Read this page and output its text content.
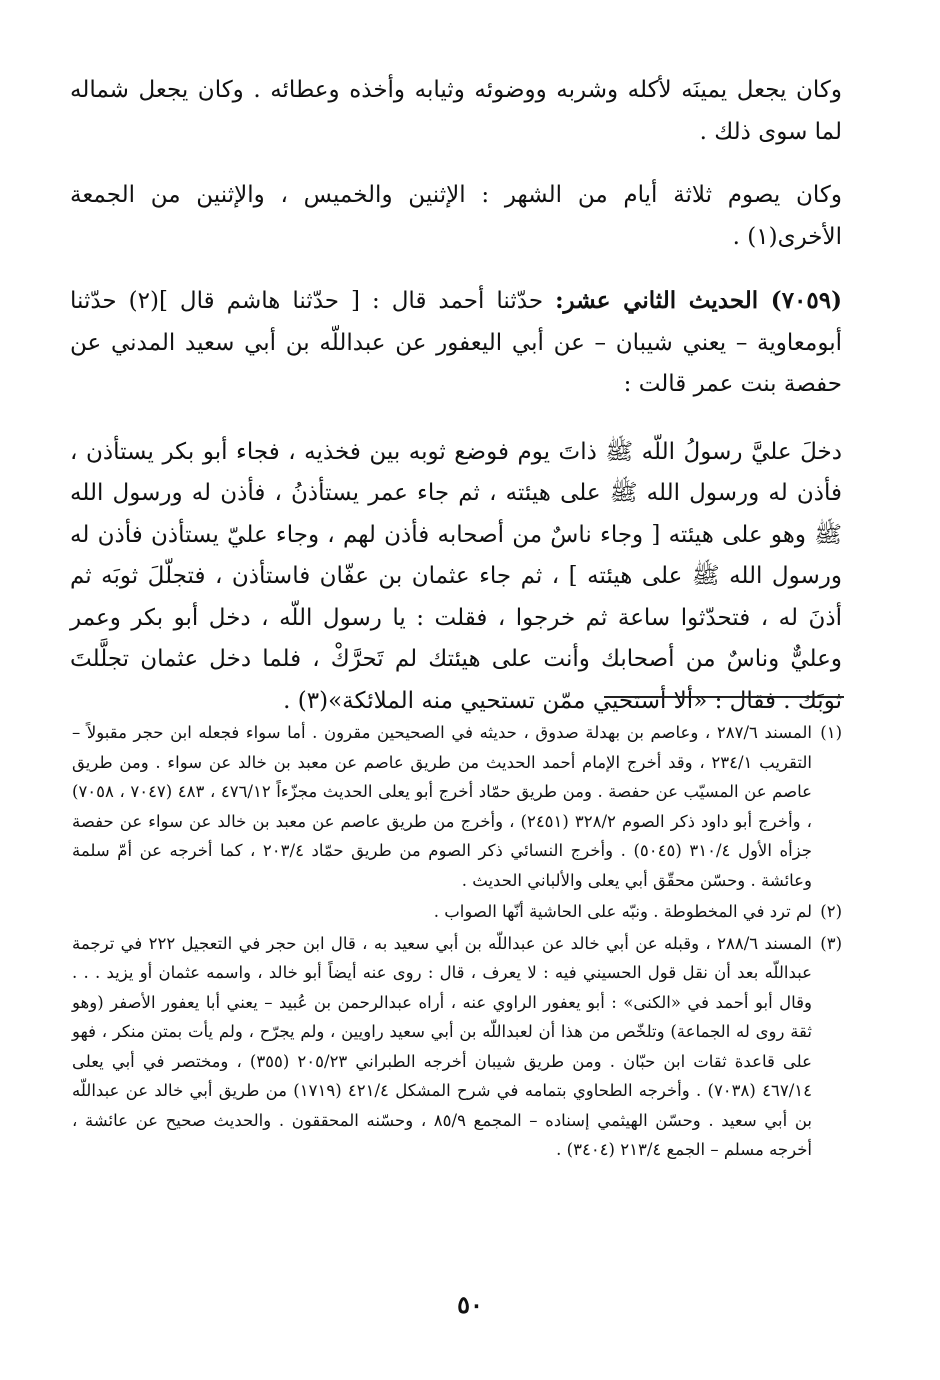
وكان يجعل يمينَه لأكله وشربه ووضوئه وثيابه وأخذه وعطائه . وكان يجعل شماله لما سوى ذلك .

وكان يصوم ثلاثة أيام من الشهر : الإثنين والخميس ، والإثنين من الجمعة الأخرى(١) .

(٧٠٥٩) الحديث الثاني عشر: حدّثنا أحمد قال : [ حدّثنا هاشم قال ](٢) حدّثنا أبومعاوية – يعني شيبان – عن أبي اليعفور عن عبداللّه بن أبي سعيد المدني عن حفصة بنت عمر قالت :

دخلَ عليَّ رسولُ اللّه ﷺ ذاتَ يوم فوضع ثوبه بين فخذيه ، فجاء أبو بكر يستأذن ، فأذن له ورسول الله ﷺ على هيئته ، ثم جاء عمر يستأذنُ ، فأذن له ورسول الله ﷺ وهو على هيئته [ وجاء ناسٌ من أصحابه فأذن لهم ، وجاء عليّ يستأذن فأذن له ورسول الله ﷺ على هيئته ] ، ثم جاء عثمان بن عفّان فاستأذن ، فتجلّلَ ثوبَه ثم أذنَ له ، فتحدّثوا ساعة ثم خرجوا ، فقلت : يا رسول اللّه ، دخل أبو بكر وعمر وعليٌّ وناسٌ من أصحابك وأنت على هيئتك لم تَحرَّكْ ، فلما دخل عثمان تجلَّلتَ ثوبَك . فقال : «ألا أستحيي ممّن تستحيي منه الملائكة»(٣) .

(١)
المسند ٢٨٧/٦ ، وعاصم بن بهدلة صدوق ، حديثه في الصحيحين مقرون . أما سواء فجعله ابن حجر مقبولاً –التقريب ٢٣٤/١ ، وقد أخرج الإمام أحمد الحديث من طريق عاصم عن معبد بن خالد عن سواء . ومن طريق عاصم عن المسيّب عن حفصة . ومن طريق حمّاد أخرج أبو يعلى الحديث مجزّءاً ٤٧٦/١٢ ، ٤٨٣ (٧٠٤٧ ، ٧٠٥٨) ، وأخرج أبو داود ذكر الصوم ٣٢٨/٢ (٢٤٥١) ، وأخرج من طريق عاصم عن معبد بن خالد عن سواء عن حفصة جزأه الأول ٣١٠/٤ (٥٠٤٥) . وأخرج النسائي ذكر الصوم من طريق حمّاد ٢٠٣/٤ ، كما أخرجه عن أمّ سلمة وعائشة . وحسّن محقّق أبي يعلى والألباني الحديث .
(٢)
لم ترد في المخطوطة . ونبّه على الحاشية أنّها الصواب .
(٣)
المسند ٢٨٨/٦ ، وقبله عن أبي خالد عن عبداللّه بن أبي سعيد به ، قال ابن حجر في التعجيل ٢٢٢ في ترجمة عبداللّه بعد أن نقل قول الحسيني فيه : لا يعرف ، قال : روى عنه أيضاً أبو خالد ، واسمه عثمان أو يزيد . . . وقال أبو أحمد في «الكنى» : أبو يعفور الراوي عنه ، أراه عبدالرحمن بن عُبيد – يعني أبا يعفور الأصفر (وهو ثقة روى له الجماعة) وتلخّص من هذا أن لعبداللّه بن أبي سعيد راويين ، ولم يجرّح ، ولم يأت بمتن منكر ، فهو على قاعدة ثقات ابن حبّان . ومن طريق شيبان أخرجه الطبراني ٢٠٥/٢٣ (٣٥٥) ، ومختصر في أبي يعلى ٤٦٧/١٤ (٧٠٣٨) . وأخرجه الطحاوي بتمامه في شرح المشكل ٤٢١/٤ (١٧١٩) من طريق أبي خالد عن عبداللّه بن أبي سعيد . وحسّن الهيثمي إسناده – المجمع ٨٥/٩ ، وحسّنه المحققون . والحديث صحيح عن عائشة ، أخرجه مسلم – الجمع ٢١٣/٤ (٣٤٠٤) .
٥٠
